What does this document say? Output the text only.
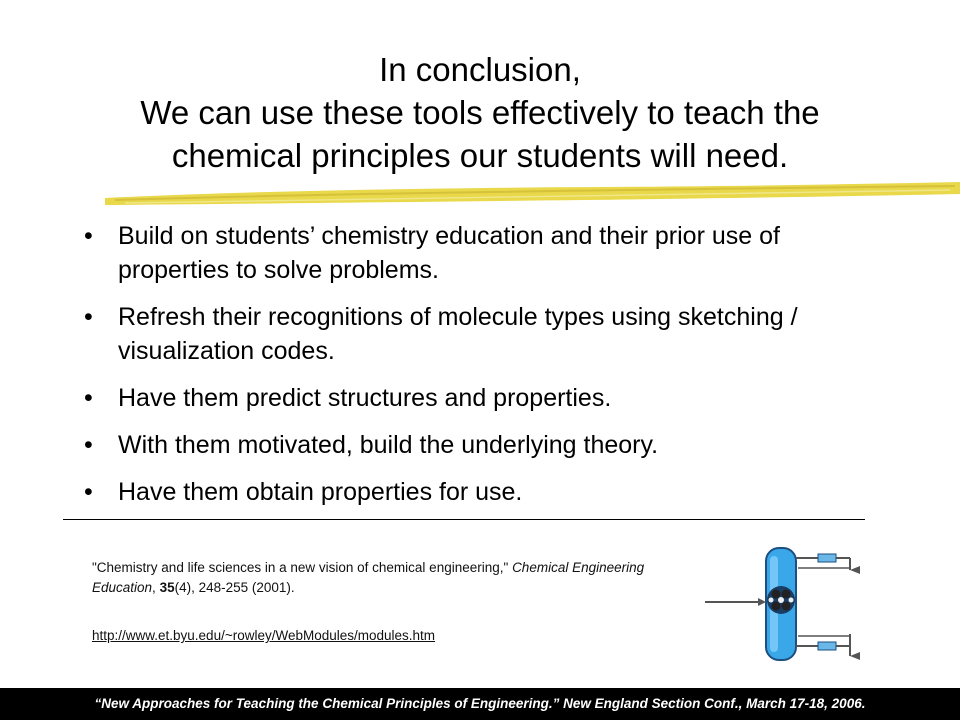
In conclusion,
We can use these tools effectively to teach the
chemical principles our students will need.
• Build on students’ chemistry education and their prior use of properties to solve problems.
• Refresh their recognitions of molecule types using sketching / visualization codes.
• Have them predict structures and properties.
• With them motivated, build the underlying theory.
• Have them obtain properties for use.
"Chemistry and life sciences in a new vision of chemical engineering," Chemical Engineering Education, 35(4), 248-255 (2001).
http://www.et.byu.edu/~rowley/WebModules/modules.htm
“New Approaches for Teaching the Chemical Principles of Engineering.” New England Section Conf., March 17-18, 2006.
